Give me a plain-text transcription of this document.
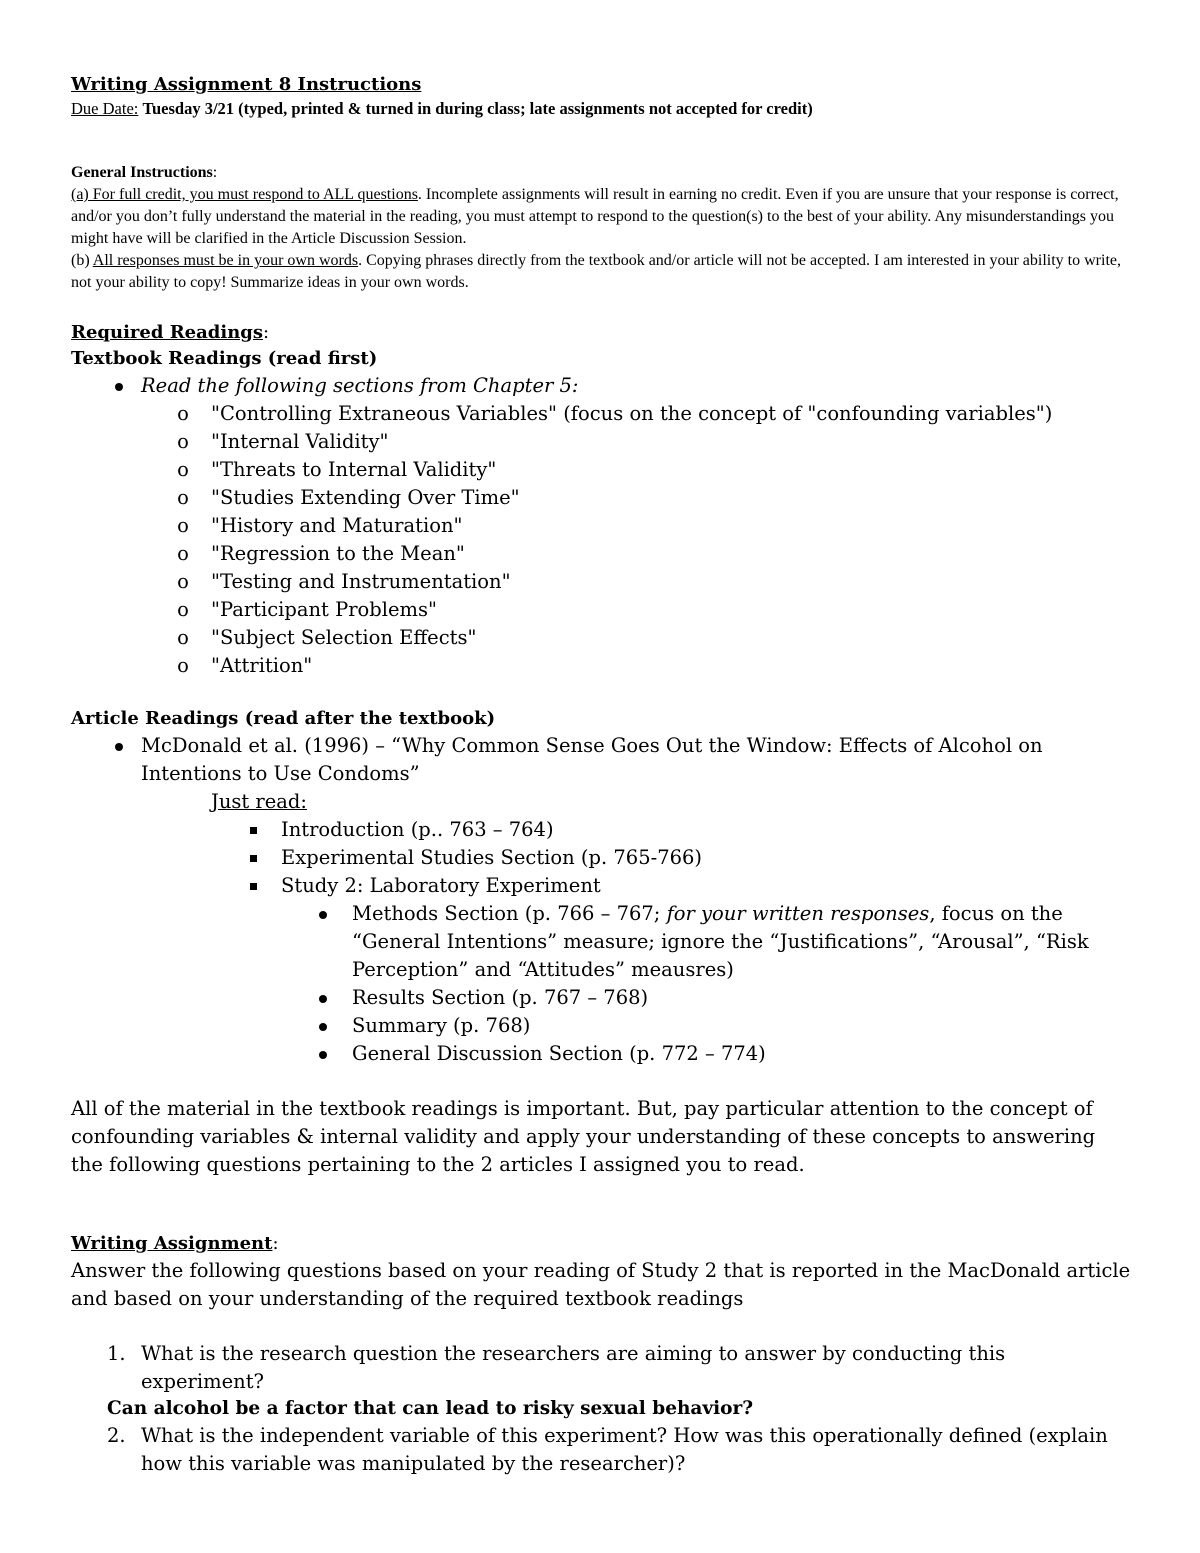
Writing Assignment 8 Instructions

Due Date: Tuesday 3/21 (typed, printed & turned in during class; late assignments not accepted for credit)

General Instructions:

(a) For full credit, you must respond to ALL questions. Incomplete assignments will result in earning no credit. Even if you are unsure that your response is correct, and/or you don’t fully understand the material in the reading, you must attempt to respond to the question(s) to the best of your ability. Any misunderstandings you might have will be clarified in the Article Discussion Session.

(b) All responses must be in your own words. Copying phrases directly from the textbook and/or article will not be accepted. I am interested in your ability to write, not your ability to copy! Summarize ideas in your own words.

Required Readings:

Textbook Readings (read first)

Read the following sections from Chapter 5:
o "Controlling Extraneous Variables" (focus on the concept of "confounding variables")
o "Internal Validity"
o "Threats to Internal Validity"
o "Studies Extending Over Time"
o "History and Maturation"
o "Regression to the Mean"
o "Testing and Instrumentation"
o "Participant Problems"
o "Subject Selection Effects"
o "Attrition"

Article Readings (read after the textbook)

McDonald et al. (1996) – “Why Common Sense Goes Out the Window: Effects of Alcohol on Intentions to Use Condoms”
Just read:
Introduction (p.. 763 – 764)
Experimental Studies Section (p. 765-766)
Study 2: Laboratory Experiment
Methods Section (p. 766 – 767; for your written responses, focus on the “General Intentions” measure; ignore the “Justifications”, “Arousal”, “Risk Perception” and “Attitudes” meausres)
Results Section (p. 767 – 768)
Summary (p. 768)
General Discussion Section (p. 772 – 774)

All of the material in the textbook readings is important. But, pay particular attention to the concept of confounding variables & internal validity and apply your understanding of these concepts to answering the following questions pertaining to the 2 articles I assigned you to read.

Writing Assignment:

Answer the following questions based on your reading of Study 2 that is reported in the MacDonald article and based on your understanding of the required textbook readings

1. What is the research question the researchers are aiming to answer by conducting this experiment?

Can alcohol be a factor that can lead to risky sexual behavior?

2. What is the independent variable of this experiment? How was this operationally defined (explain how this variable was manipulated by the researcher)?
